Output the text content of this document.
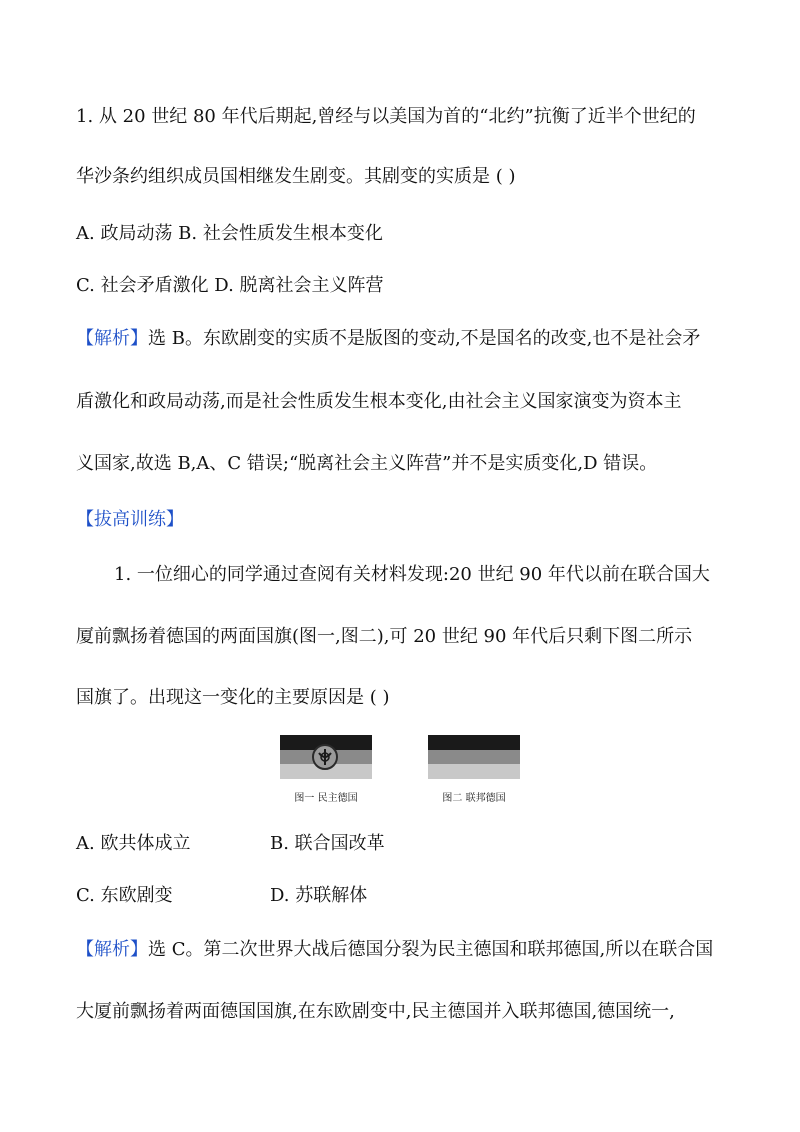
1. 从 20 世纪 80 年代后期起,曾经与以美国为首的“北约”抗衡了近半个世纪的
华沙条约组织成员国相继发生剧变。其剧变的实质是 ( )
A. 政局动荡 B. 社会性质发生根本变化
C. 社会矛盾激化 D. 脱离社会主义阵营
【解析】选 B。东欧剧变的实质不是版图的变动,不是国名的改变,也不是社会矛
盾激化和政局动荡,而是社会性质发生根本变化,由社会主义国家演变为资本主
义国家,故选 B,A、C 错误;“脱离社会主义阵营”并不是实质变化,D 错误。
【拔高训练】
1. 一位细心的同学通过查阅有关材料发现:20 世纪 90 年代以前在联合国大
厦前飘扬着德国的两面国旗(图一,图二),可 20 世纪 90 年代后只剩下图二所示
国旗了。出现这一变化的主要原因是 ( )
图一 民主德国	图二 联邦德国
A. 欧共体成立	B. 联合国改革
C. 东欧剧变	D. 苏联解体
【解析】选 C。第二次世界大战后德国分裂为民主德国和联邦德国,所以在联合国
大厦前飘扬着两面德国国旗,在东欧剧变中,民主德国并入联邦德国,德国统一,
